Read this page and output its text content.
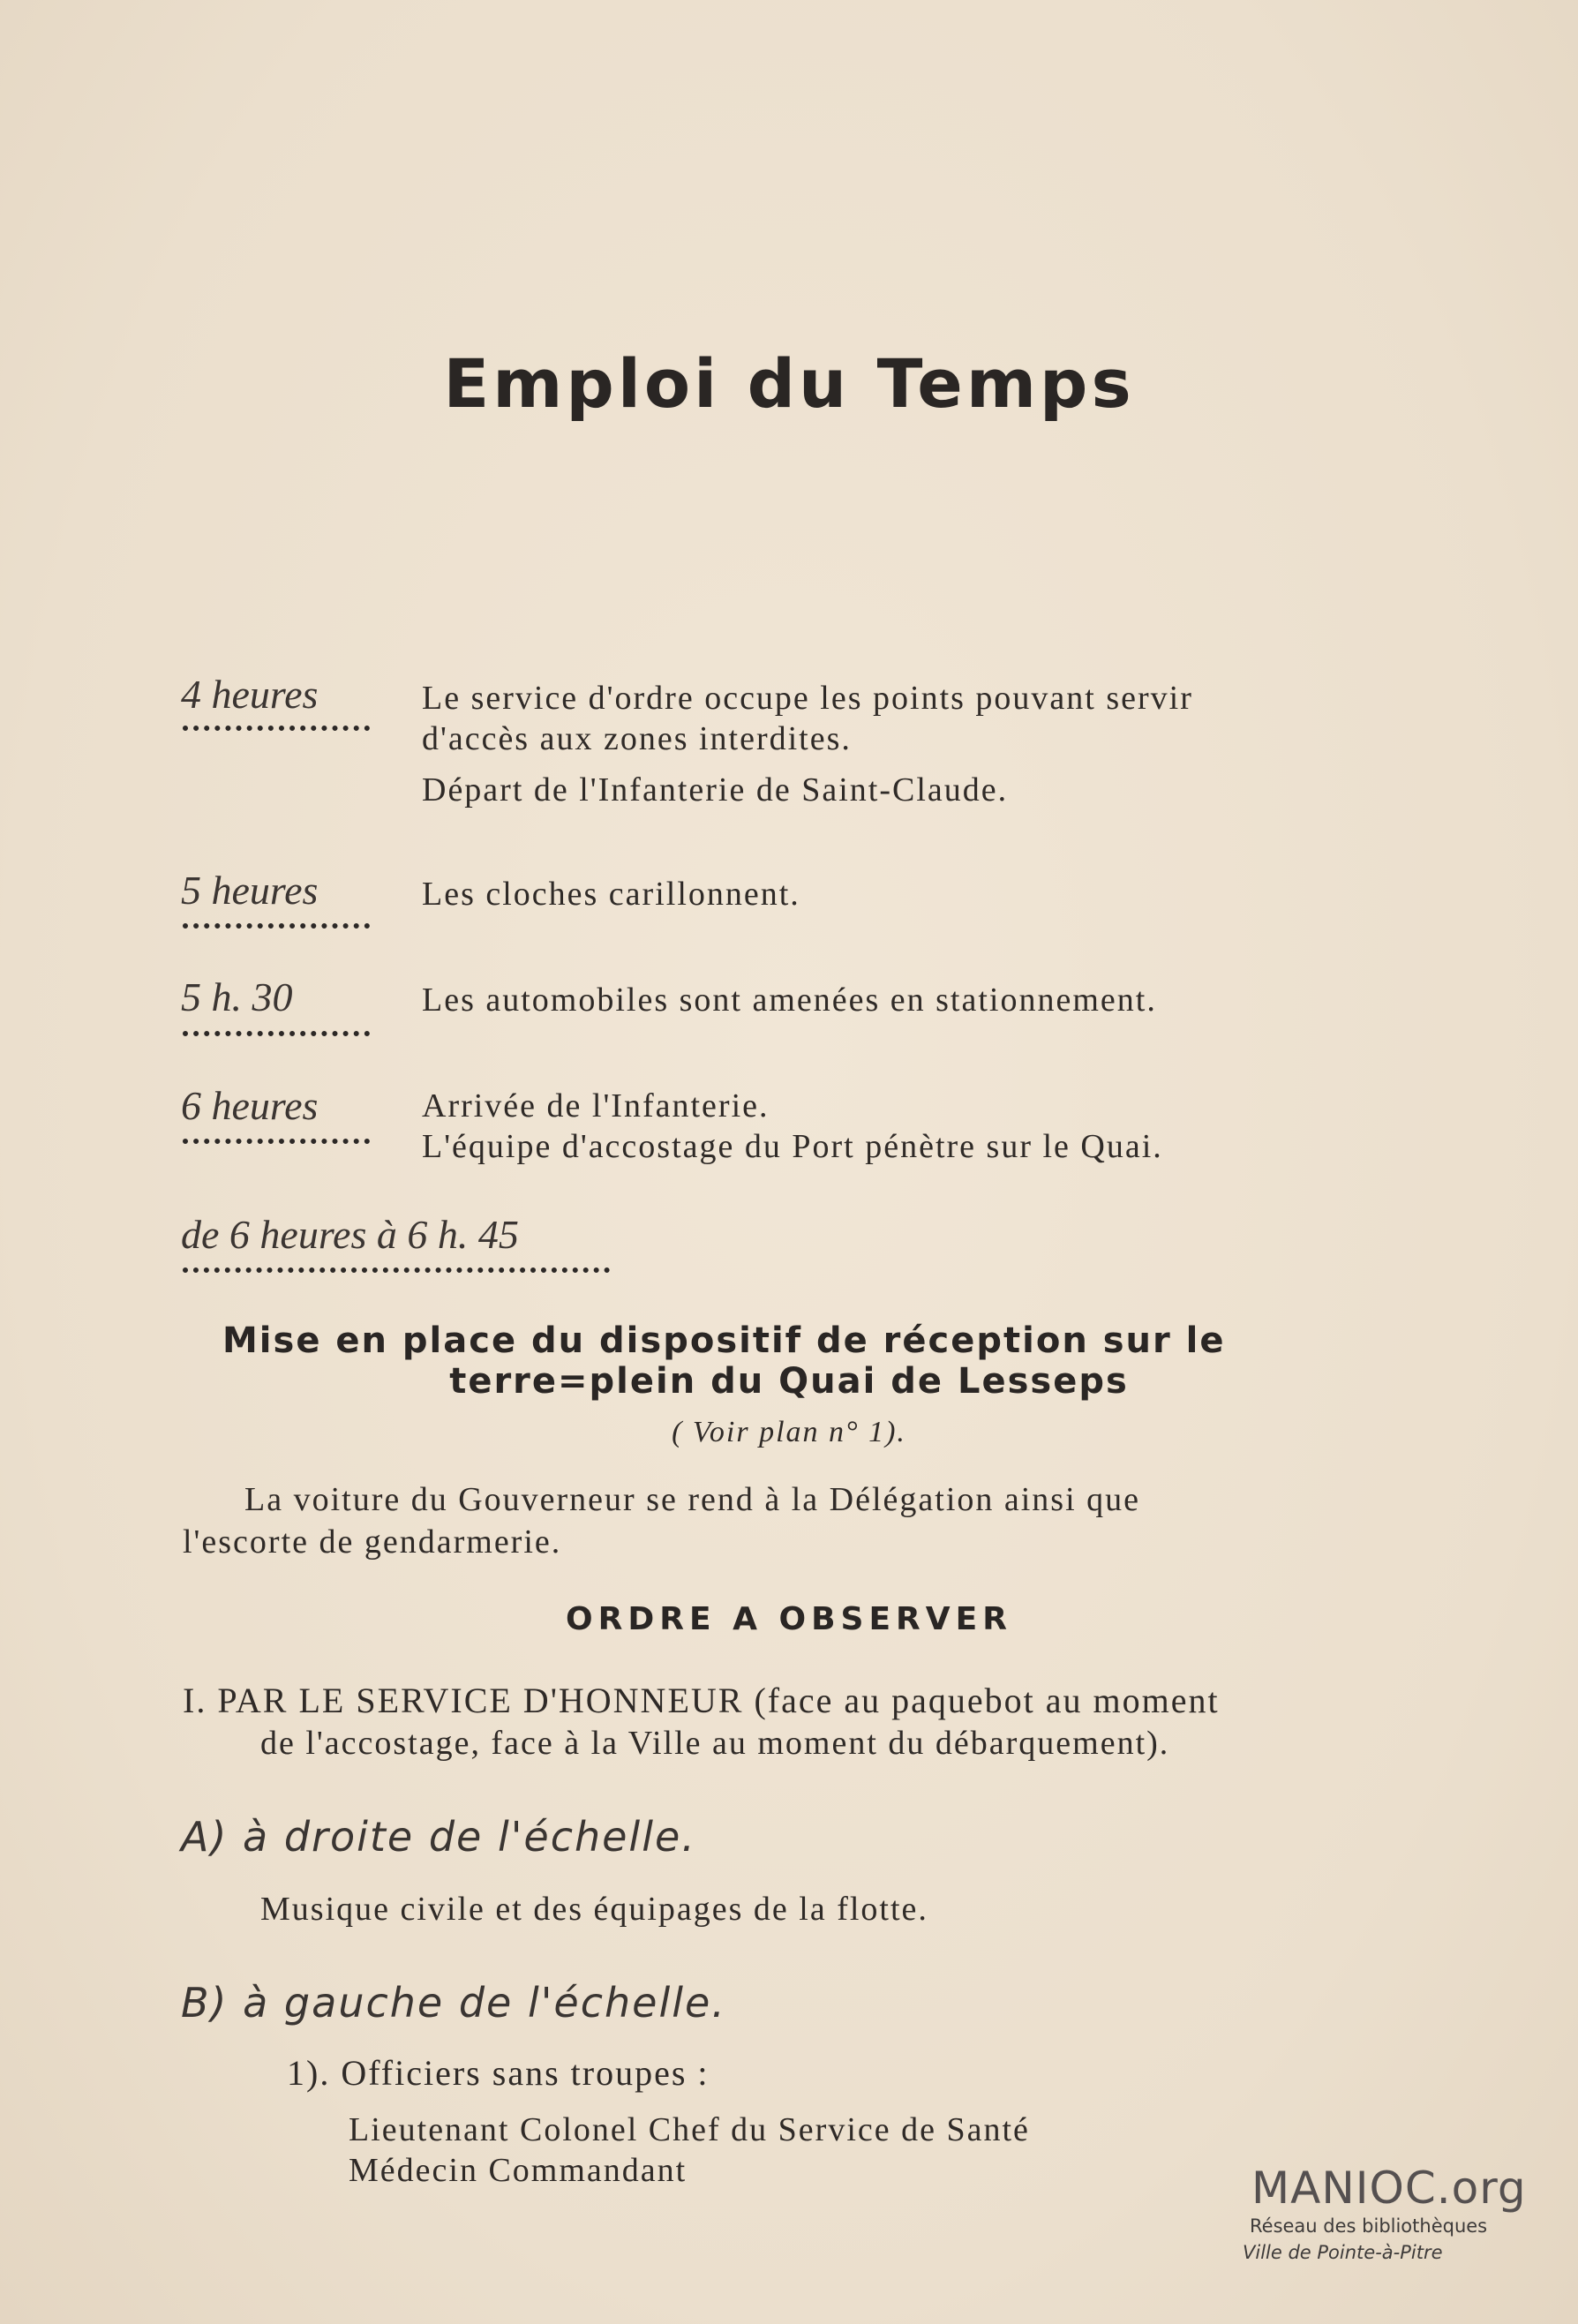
Emploi du Temps
4 heures	Le service d'ordre occupe les points pouvant servir
d'accès aux zones interdites.
Départ de l'Infanterie de Saint-Claude.
5 heures	Les cloches carillonnent.
5 h. 30	Les automobiles sont amenées en stationnement.
6 heures	Arrivée de l'Infanterie.
L'équipe d'accostage du Port pénètre sur le Quai.
de 6 heures à 6 h. 45
Mise en place du dispositif de réception sur le
terre=plein du Quai de Lesseps
( Voir plan n° 1).
La voiture du Gouverneur se rend à la Délégation ainsi que
l'escorte de gendarmerie.
ORDRE A OBSERVER
I. PAR LE SERVICE D'HONNEUR (face au paquebot au moment
de l'accostage, face à la Ville au moment du débarquement).
A) à droite de l'échelle.
Musique civile et des équipages de la flotte.
B) à gauche de l'échelle.
1). Officiers sans troupes :
Lieutenant Colonel Chef du Service de Santé
Médecin Commandant	MANIOC.org
Réseau des bibliothèques
Ville de Pointe-à-Pitre
